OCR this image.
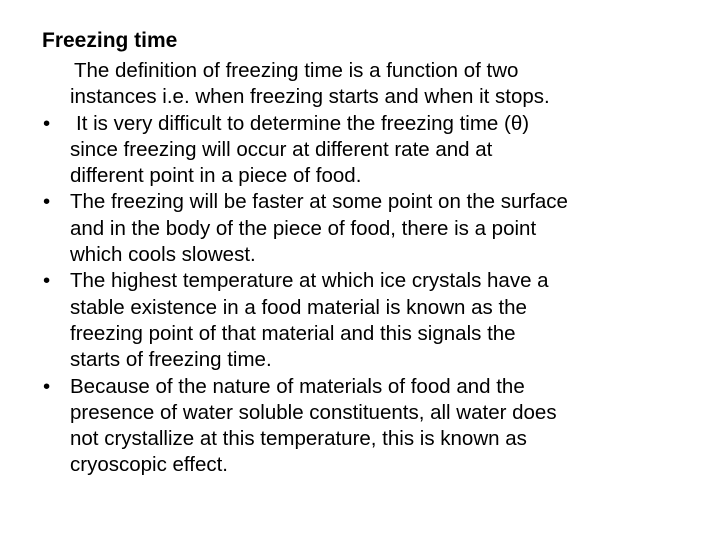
Freezing time
The definition of freezing time is a function of two
instances i.e. when freezing starts and when it stops.
•	It is very difficult to determine the freezing time (θ)
since freezing will occur at different rate and at
different point in a piece of food.
• The freezing will be faster at some point on the surface
and in the body of the piece of food, there is a point
which cools slowest.
• The highest temperature at which ice crystals have a
stable existence in a food material is known as the
freezing point of that material and this signals the
starts of freezing time.
• Because of the nature of materials of food and the
presence of water soluble constituents, all water does
not crystallize at this temperature, this is known as
cryoscopic effect.
